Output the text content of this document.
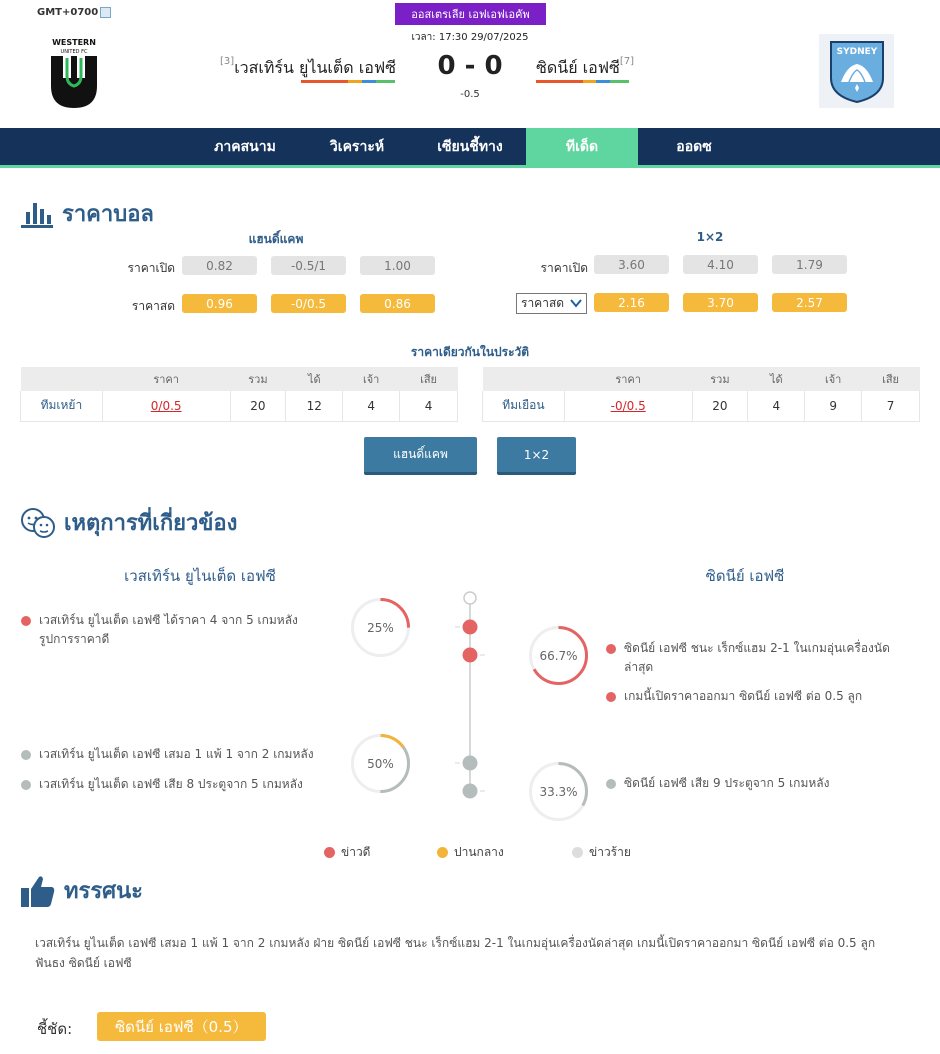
GMT+0700	ออสเตรเลีย เอฟเอฟเอคัพ
เวลา: 17:30 29/07/2025
WESTERN
UNITED FC	SYDNEY
[3]เวสเทิร์น ยูไนเต็ด เอฟซี	0 - 0
-0.5
ซิดนีย์ เอฟซี[7]
ภาคสนาม	วิเคราะห์	เซียนชี้ทาง	ทีเด็ด	ออดซ
ราคาบอล
แฮนดิ์แคพ	1×2
ราคาเปิด	0.82	-0.5/1	1.00
ราคาสด	0.96	-0/0.5	0.86
ราคาเปิด	3.60	4.10	1.79
ราคาสด	2.16	3.70	2.57
ราคาเดียวกันในประวัติ
	ราคา	รวม	ได้	เจ้า	เสีย
ทีมเหย้า	0/0.5	20	12	4	4
	ราคา	รวม	ได้	เจ้า	เสีย
ทีมเยือน	-0/0.5	20	4	9	7
แฮนดิ์แคพ	1×2
เหตุการที่เกี่ยวข้อง
เวสเทิร์น ยูไนเต็ด เอฟซี	ซิดนีย์ เอฟซี
25%
66.7%
50%
33.3%
เวสเทิร์น ยูไนเต็ด เอฟซี ได้ราคา 4 จาก 5 เกมหลัง รูปการราคาดี
ซิดนีย์ เอฟซี ชนะ เร็กซ์แฮม 2-1 ในเกมอุ่นเครื่องนัดล่าสุด
เกมนี้เปิดราคาออกมา ซิดนีย์ เอฟซี ต่อ 0.5 ลูก
เวสเทิร์น ยูไนเต็ด เอฟซี เสมอ 1 แพ้ 1 จาก 2 เกมหลัง
เวสเทิร์น ยูไนเต็ด เอฟซี เสีย 8 ประตูจาก 5 เกมหลัง	ซิดนีย์ เอฟซี เสีย 9 ประตูจาก 5 เกมหลัง
ข่าวดี	ปานกลาง	ข่าวร้าย
ทรรศนะ
เวสเทิร์น ยูไนเต็ด เอฟซี เสมอ 1 แพ้ 1 จาก 2 เกมหลัง ฝ่าย ซิดนีย์ เอฟซี ชนะ เร็กซ์แฮม 2-1 ในเกมอุ่นเครื่องนัดล่าสุด เกมนี้เปิดราคาออกมา ซิดนีย์ เอฟซี ต่อ 0.5 ลูก ฟันธง ซิดนีย์ เอฟซี
ชี้ชัด:	ซิดนีย์ เอฟซี（0.5）
